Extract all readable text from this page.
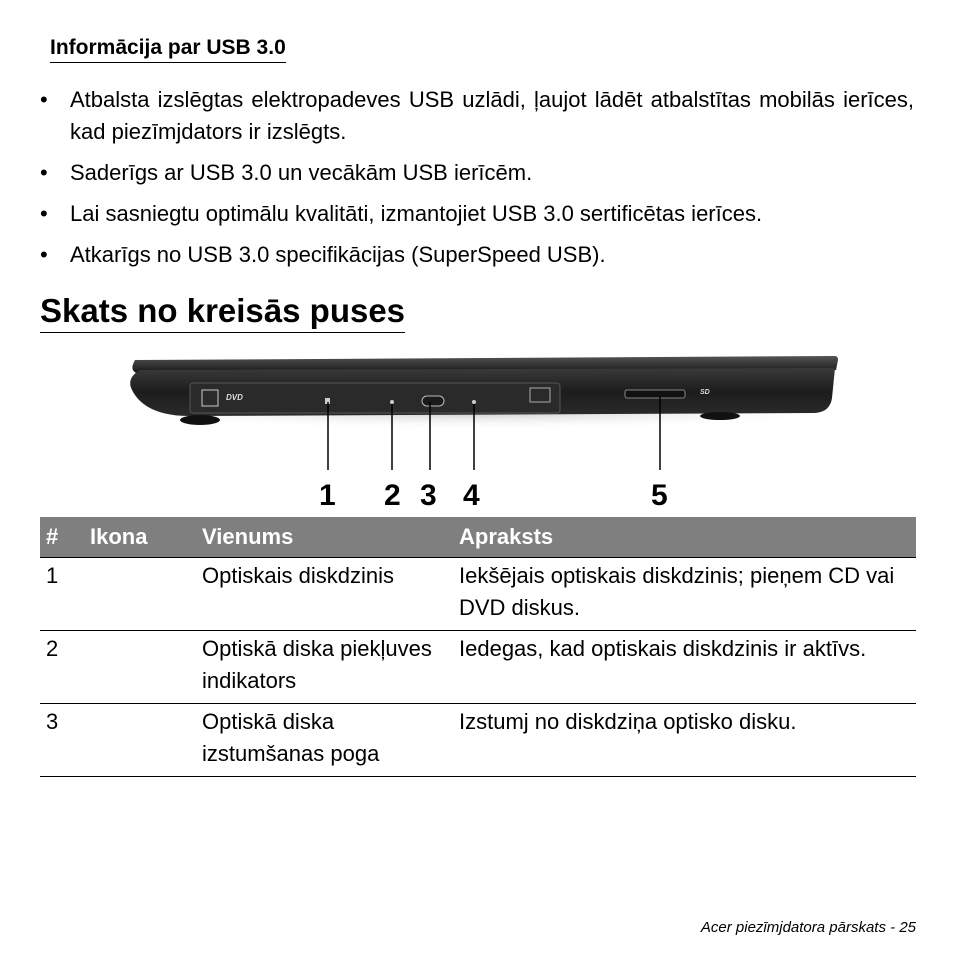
Informācija par USB 3.0
•	Atbalsta izslēgtas elektropadeves USB uzlādi, ļaujot lādēt atbalstītas mobilās ierīces, kad piezīmjdators ir izslēgts.
•	Saderīgs ar USB 3.0 un vecākām USB ierīcēm.
•	Lai sasniegtu optimālu kvalitāti, izmantojiet USB 3.0 sertificētas ierīces.
•	Atkarīgs no USB 3.0 specifikācijas (SuperSpeed USB).
Skats no kreisās puses
DVD
SD
1 2 3 4	5
#	Ikona	Vienums	Apraksts
1		Optiskais diskdzinis	Iekšējais optiskais diskdzinis; pieņem CD vai DVD diskus.
2		Optiskā diska piekļuves indikators	Iedegas, kad optiskais diskdzinis ir aktīvs.
3		Optiskā diska izstumšanas poga	Izstumj no diskdziņa optisko disku.
Acer piezīmjdatora pārskats - 25
